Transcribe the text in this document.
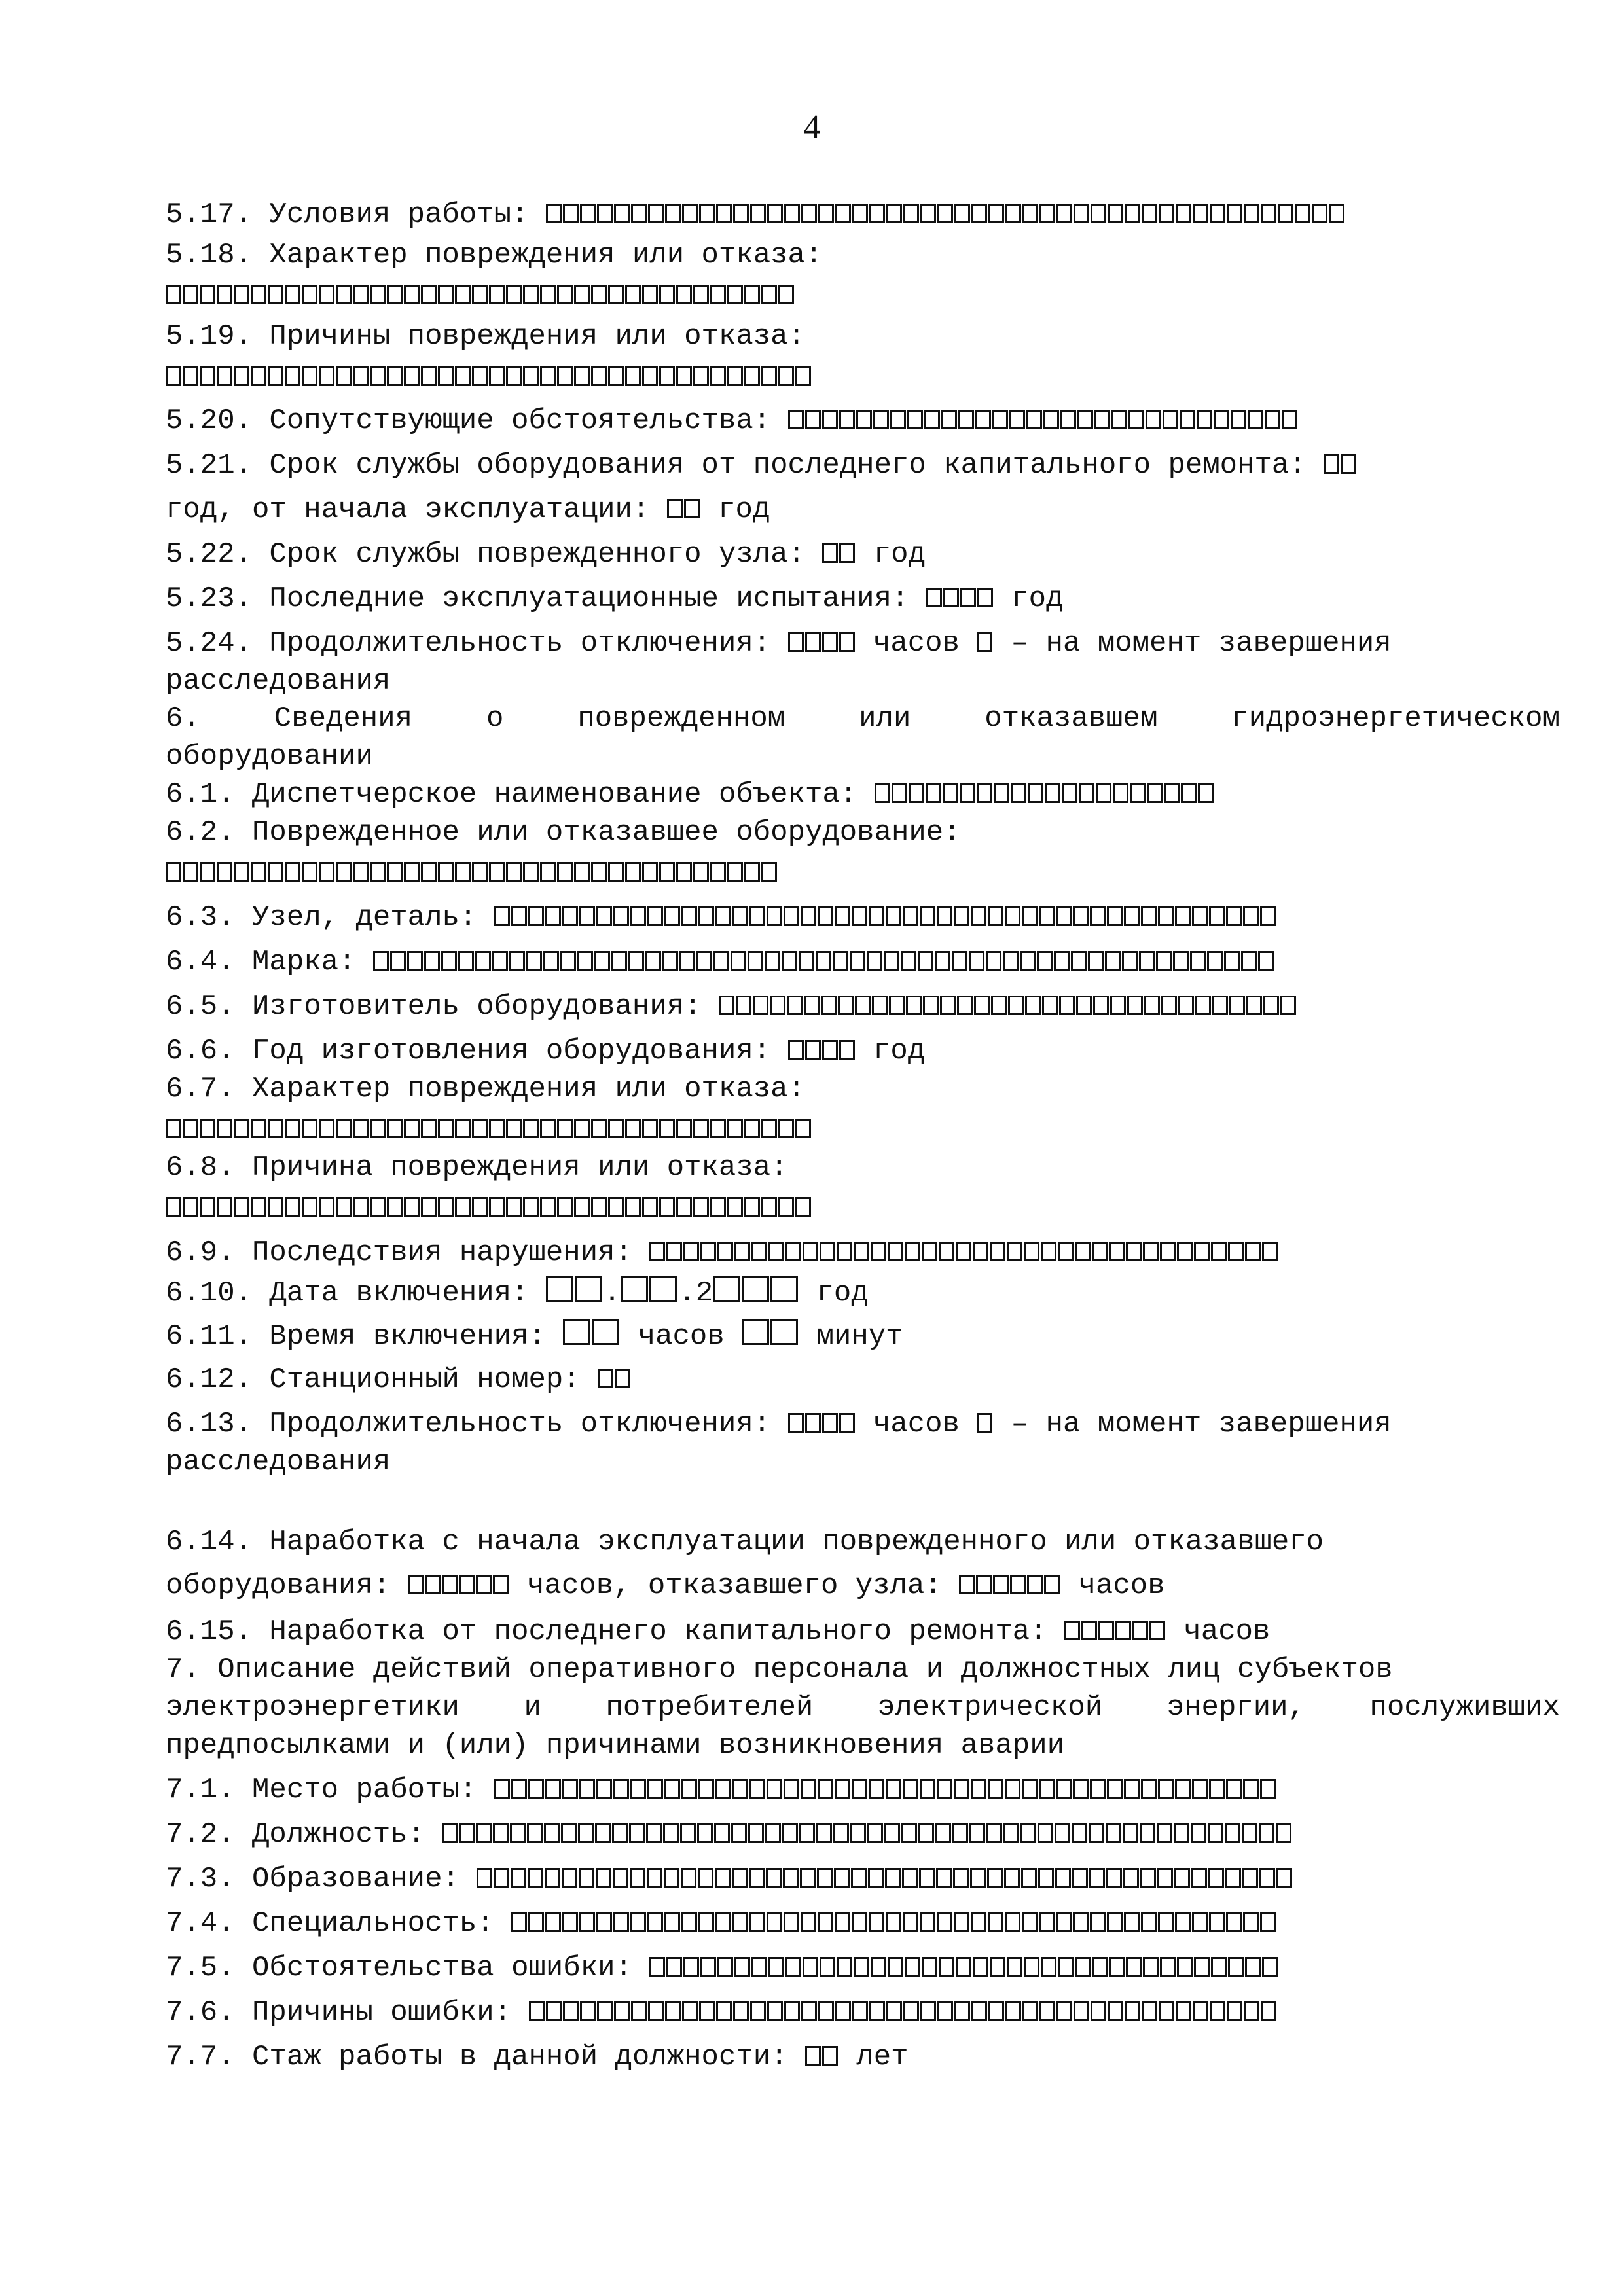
4
5.17. Условия работы:
5.18. Характер повреждения или отказа:
5.19. Причины повреждения или отказа:
5.20. Сопутствующие обстоятельства:
5.21. Срок службы оборудования от последнего капитального ремонта:
год, от начала эксплуатации:  год
5.22. Срок службы поврежденного узла:  год
5.23. Последние эксплуатационные испытания:  год
5.24. Продолжительность отключения:  часов  – на момент завершения
расследования
6. Сведения о поврежденном или отказавшем гидроэнергетическом
оборудовании
6.1. Диспетчерское наименование объекта:
6.2. Поврежденное или отказавшее оборудование:
6.3. Узел, деталь:
6.4. Марка:
6.5. Изготовитель оборудования:
6.6. Год изготовления оборудования:  год
6.7. Характер повреждения или отказа:
6.8. Причина повреждения или отказа:
6.9. Последствия нарушения:
6.10. Дата включения: . .2	год
6.11. Время включения:  часов  минут
6.12. Станционный номер:
6.13. Продолжительность отключения:  часов  – на момент завершения
расследования
6.14. Наработка с начала эксплуатации поврежденного или отказавшего
оборудования:	часов, отказавшего узла:	часов
6.15. Наработка от последнего капитального ремонта:	часов
7. Описание действий оперативного персонала и должностных лиц субъектов
электроэнергетики и потребителей электрической энергии, послуживших
предпосылками и (или) причинами возникновения аварии
7.1. Место работы:
7.2. Должность:
7.3. Образование:
7.4. Специальность:
7.5. Обстоятельства ошибки:
7.6. Причины ошибки:
7.7. Стаж работы в данной должности:  лет
